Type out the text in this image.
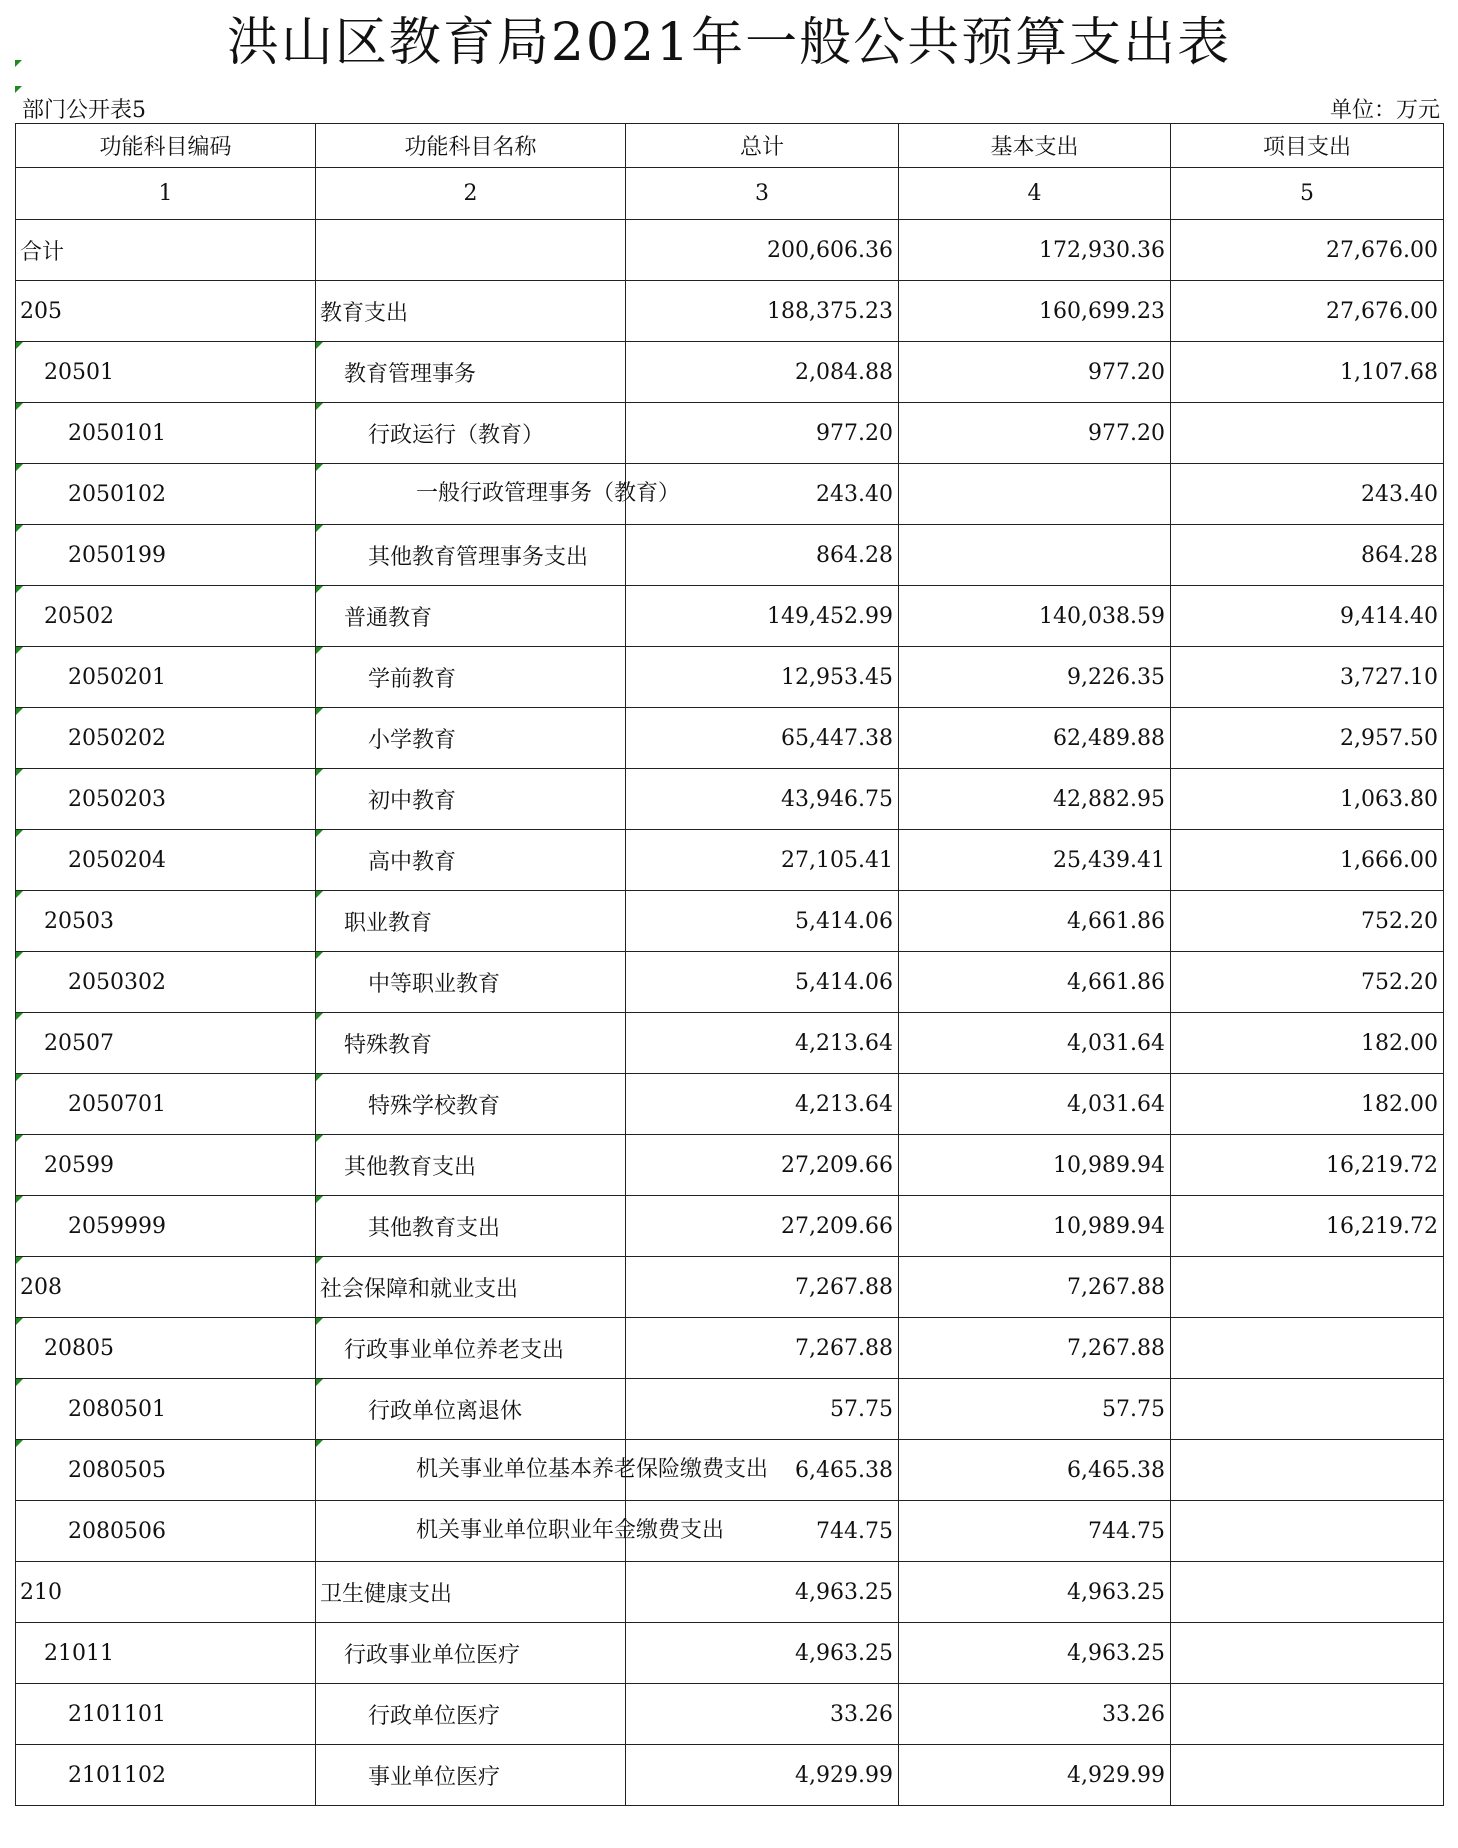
洪山区教育局2021年一般公共预算支出表
部门公开表5	单位：万元
功能科目编码	功能科目名称	总计	基本支出	项目支出
1	2	3	4	5
合计		200,606.36	172,930.36	27,676.00
205	教育支出	188,375.23	160,699.23	27,676.00

20501	教育管理事务	2,084.88	977.20	1,107.68

2050101	行政运行（教育）	977.20	977.20	

2050102	一般行政管理事务（教育）	243.40		243.40

2050199	其他教育管理事务支出	864.28		864.28

20502	普通教育	149,452.99	140,038.59	9,414.40

2050201	学前教育	12,953.45	9,226.35	3,727.10

2050202	小学教育	65,447.38	62,489.88	2,957.50

2050203	初中教育	43,946.75	42,882.95	1,063.80

2050204	高中教育	27,105.41	25,439.41	1,666.00

20503	职业教育	5,414.06	4,661.86	752.20

2050302	中等职业教育	5,414.06	4,661.86	752.20

20507	特殊教育	4,213.64	4,031.64	182.00

2050701	特殊学校教育	4,213.64	4,031.64	182.00

20599	其他教育支出	27,209.66	10,989.94	16,219.72

2059999	其他教育支出	27,209.66	10,989.94	16,219.72

208	社会保障和就业支出	7,267.88	7,267.88	

20805	行政事业单位养老支出	7,267.88	7,267.88	

2080501	行政单位离退休	57.75	57.75	

2080505	机关事业单位基本养老保险缴费支出	6,465.38	6,465.38	
2080506	机关事业单位职业年金缴费支出	744.75	744.75	
210	卫生健康支出	4,963.25	4,963.25	
21011	行政事业单位医疗	4,963.25	4,963.25	
2101101	行政单位医疗	33.26	33.26	
2101102	事业单位医疗	4,929.99	4,929.99	
